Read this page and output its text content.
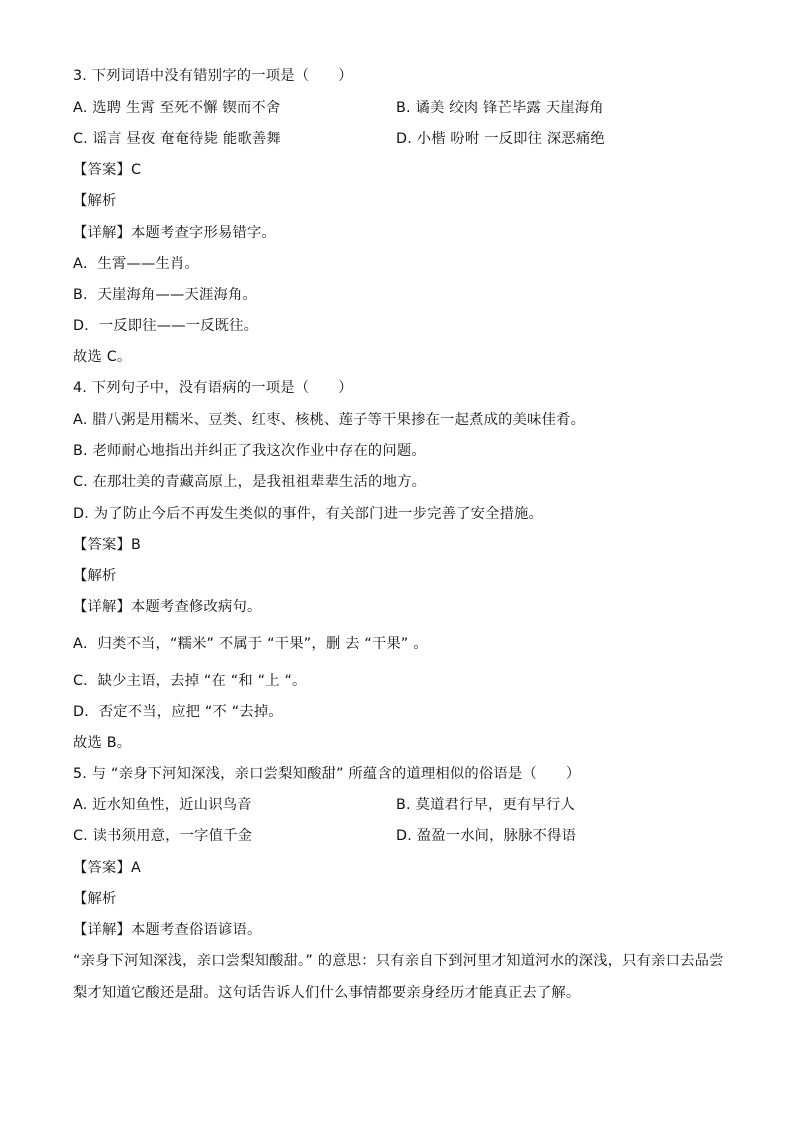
3. 下列词语中没有错别字的一项是（　　）
A. 选聘 生霄 至死不懈 锲而不舍	B. 谲美 绞肉 锋芒毕露 天崖海角
C. 谣言 昼夜 奄奄待毙 能歌善舞	D. 小楷 吩咐 一反即往 深恶痛绝
【答案】C
【解析
【详解】本题考查字形易错字。
A．生霄——生肖。
B．天崖海角——天涯海角。
D．一反即往——一反既往。
故选 C。
4. 下列句子中，没有语病的一项是（　　）
A. 腊八粥是用糯米、豆类、红枣、核桃、莲子等干果掺在一起煮成的美味佳肴。
B. 老师耐心地指出并纠正了我这次作业中存在的问题。
C. 在那壮美的青藏高原上，是我祖祖辈辈生活的地方。
D. 为了防止今后不再发生类似的事件，有关部门进一步完善了安全措施。
【答案】B
【解析
【详解】本题考查修改病句。
A．归类不当，“糯米” 不属于 “干果”，删 去 “干果” 。
C．缺少主语，去掉 “在 “和 “上 “。
D．否定不当，应把 “不 “去掉。
故选 B。
5. 与 “亲身下河知深浅，亲口尝梨知酸甜” 所蕴含的道理相似的俗语是（　　）
A. 近水知鱼性，近山识鸟音	B. 莫道君行早，更有早行人
C. 读书须用意，一字值千金	D. 盈盈一水间，脉脉不得语
【答案】A
【解析
【详解】本题考查俗语谚语。
“亲身下河知深浅，亲口尝梨知酸甜。” 的意思：只有亲自下到河里才知道河水的深浅，只有亲口去品尝
梨才知道它酸还是甜。这句话告诉人们什么事情都要亲身经历才能真正去了解。
